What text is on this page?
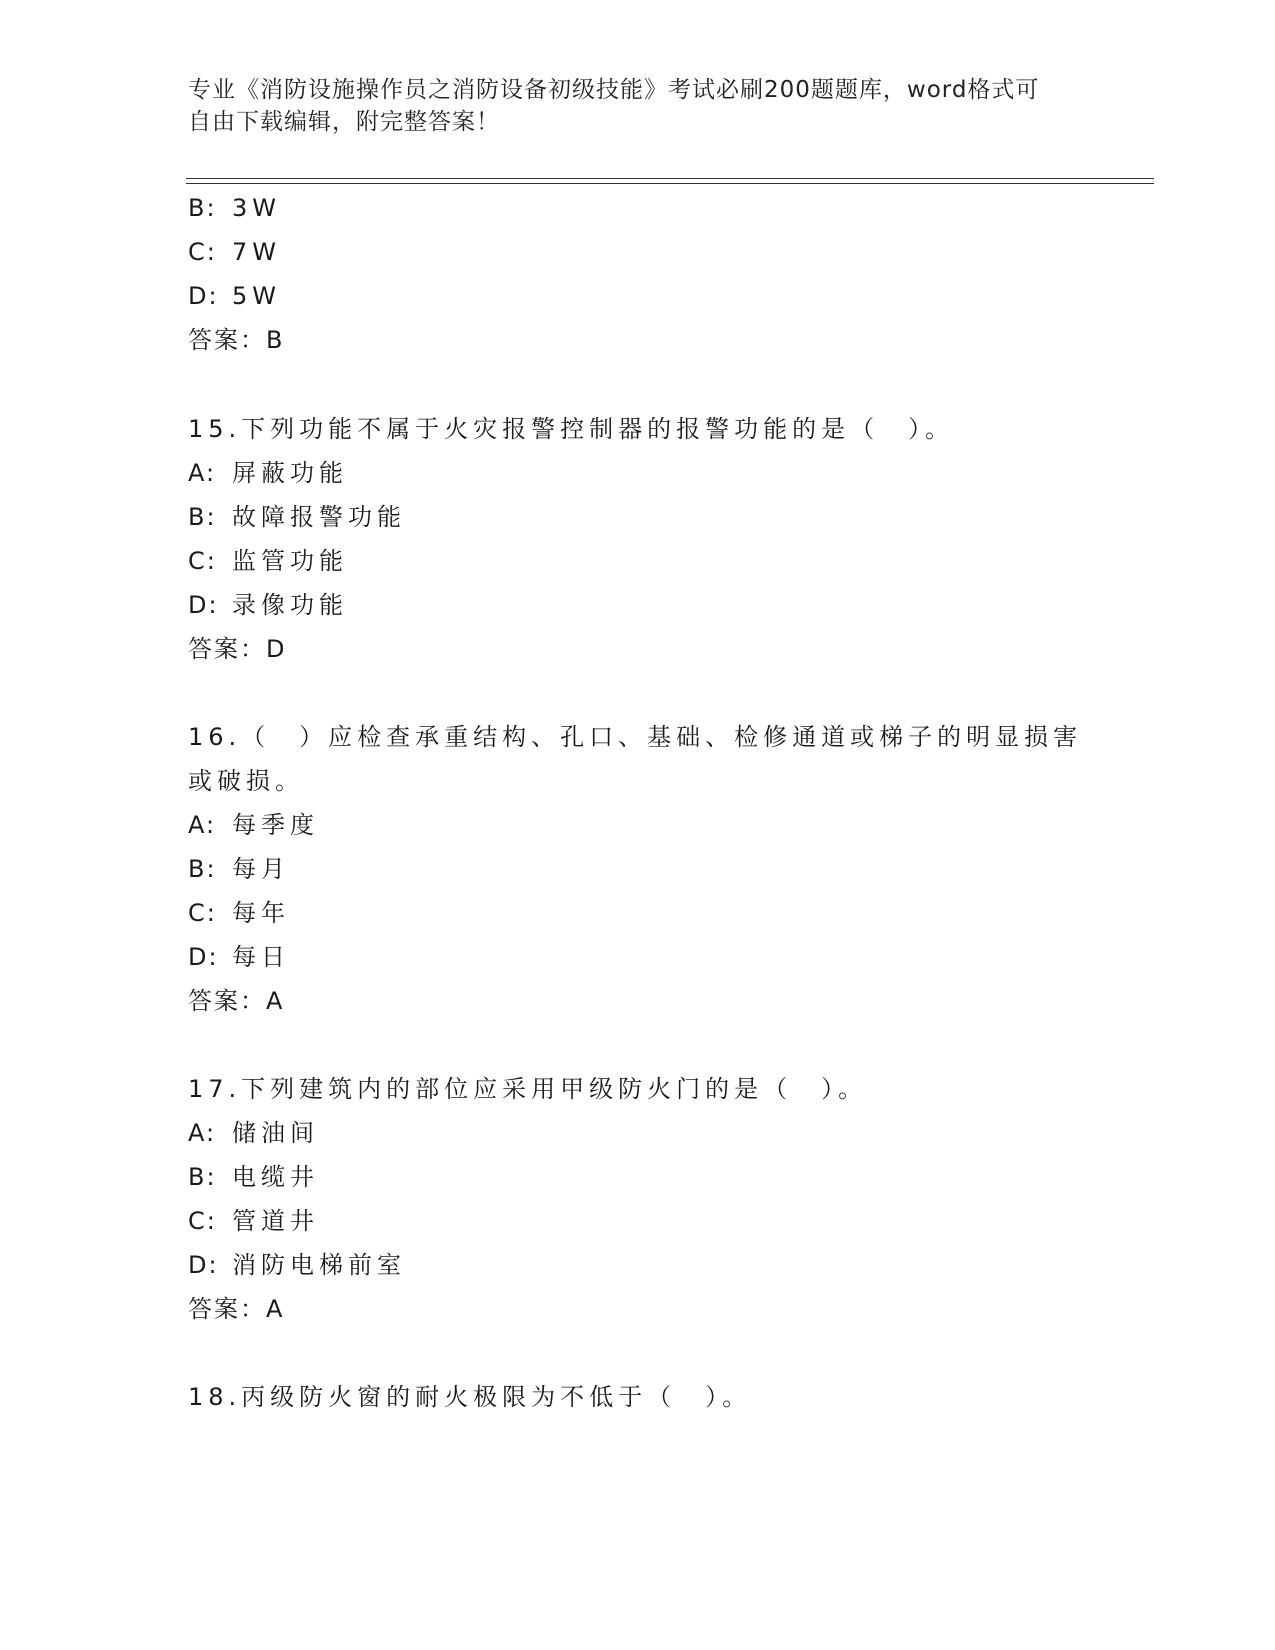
专业《消防设施操作员之消防设备初级技能》考试必刷200题题库，word格式可
自由下载编辑，附完整答案！
B: 3W
C: 7W
D: 5W
答案：B
15.下列功能不属于火灾报警控制器的报警功能的是（　）。
A: 屏蔽功能
B: 故障报警功能
C: 监管功能
D: 录像功能
答案：D
16.（　）应检查承重结构、孔口、基础、检修通道或梯子的明显损害
或破损。
A: 每季度
B: 每月
C: 每年
D: 每日
答案：A
17.下列建筑内的部位应采用甲级防火门的是（　）。
A: 储油间
B: 电缆井
C: 管道井
D: 消防电梯前室
答案：A
18.丙级防火窗的耐火极限为不低于（　）。
